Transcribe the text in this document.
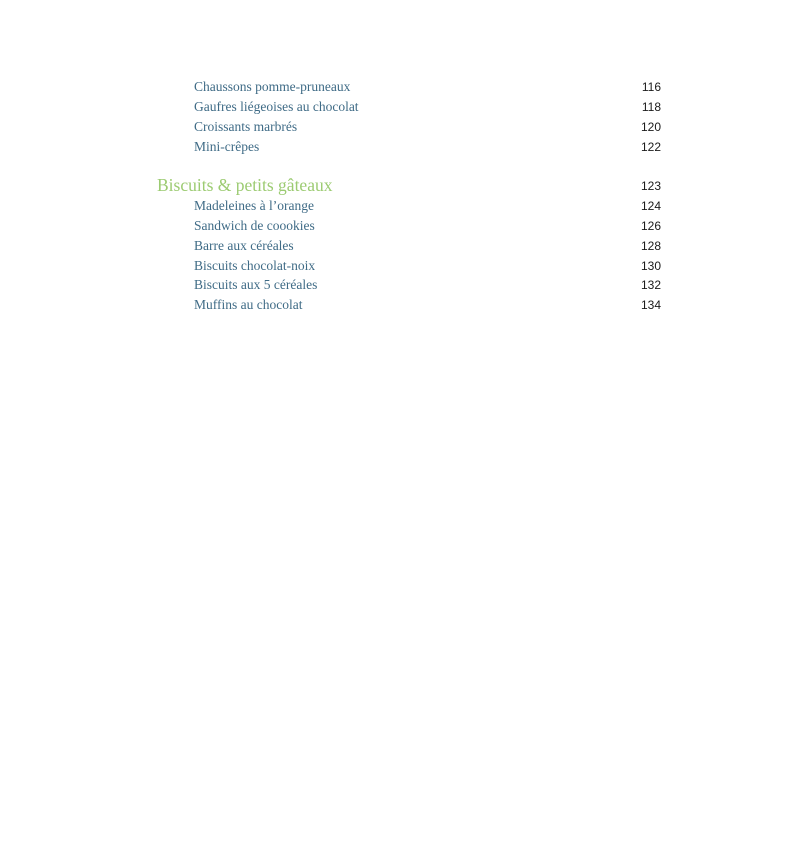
Chaussons pomme-pruneaux	116
Gaufres liégeoises au chocolat	118
Croissants marbrés	120
Mini-crêpes	122
Biscuits & petits gâteaux	123
Madeleines à l’orange	124
Sandwich de coookies	126
Barre aux céréales	128
Biscuits chocolat-noix	130
Biscuits aux 5 céréales	132
Muffins au chocolat	134
